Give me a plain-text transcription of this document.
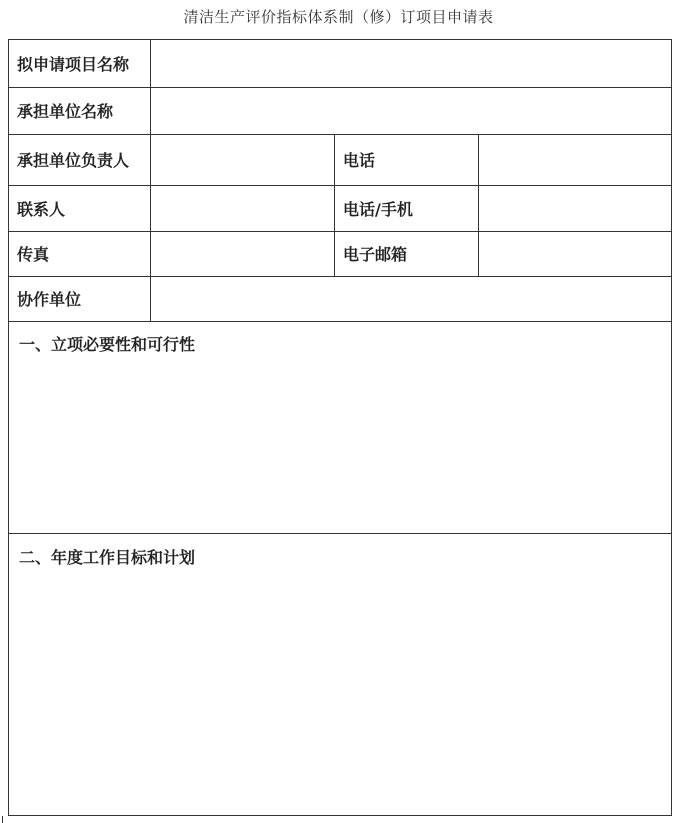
清洁生产评价指标体系制（修）订项目申请表
拟申请项目名称
承担单位名称
承担单位负责人	电话
联系人	电话/手机
传真	电子邮箱
协作单位
一、立项必要性和可行性
二、年度工作目标和计划
